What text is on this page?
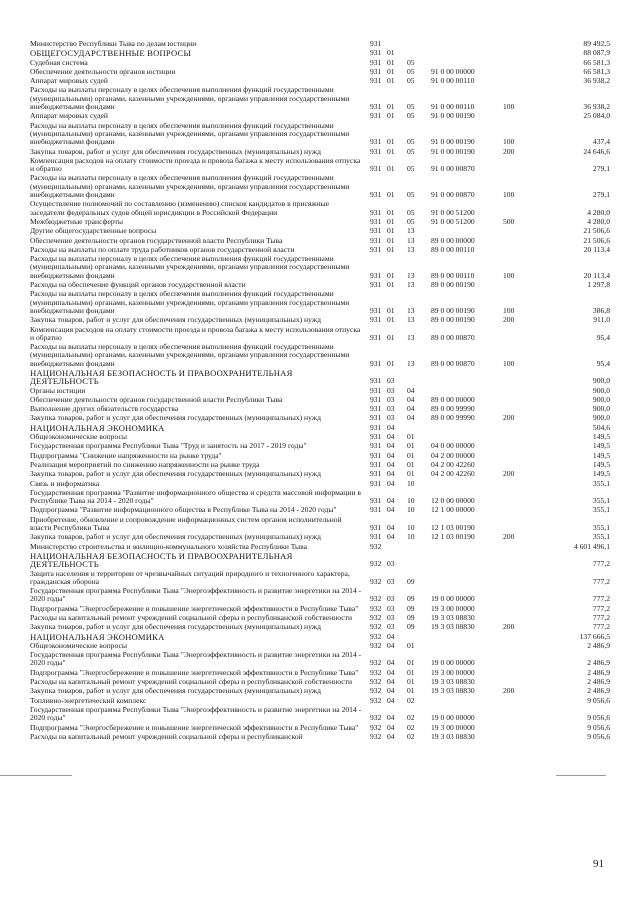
Министерство Республики Тыва по делам юстиции	931					89 492,5
ОБЩЕГОСУДАРСТВЕННЫЕ ВОПРОСЫ	931	01				88 087,9
Судебная система	931	01	05			66 581,3
Обеспечение деятельности органов юстиции	931	01	05	91 0 00 00000		66 581,3
Аппарат мировых судей	931	01	05	91 0 00 00110		36 938,2
Расходы на выплаты персоналу в целях обеспечения выполнения функций государственными (муниципальными) органами, казенными учреждениями, органами управления государственными внебюджетными фондами	931	01	05	91 0 00 00110	100	36 938,2
Аппарат мировых судей	931	01	05	91 0 00 00190		25 084,0
Расходы на выплаты персоналу в целях обеспечения выполнения функций государственными (муниципальными) органами, казенными учреждениями, органами управления государственными внебюджетными фондами	931	01	05	91 0 00 00190	100	437,4
Закупка товаров, работ и услуг для обеспечения государственных (муниципальных) нужд	931	01	05	91 0 00 00190	200	24 646,6
Компенсация расходов на оплату стоимости проезда и провоза багажа к месту использования отпуска и обратно	931	01	05	91 0 00 00870		279,1
Расходы на выплаты персоналу в целях обеспечения выполнения функций государственными (муниципальными) органами, казенными учреждениями, органами управления государственными внебюджетными фондами	931	01	05	91 0 00 00870	100	279,1
Осуществление полномочий по составлению (изменению) списков кандидатов в присяжные заседатели федеральных судов общей юрисдикции в Российской Федерации	931	01	05	91 0 00 51200		4 280,0
Межбюджетные трансферты	931	01	05	91 0 00 51200	500	4 280,0
Другие общегосударственные вопросы	931	01	13			21 506,6
Обеспечение деятельности органов государственной власти Республики Тыва	931	01	13	89 0 00 00000		21 506,6
Расходы на выплаты по оплате труда работников органов государственной власти	931	01	13	89 0 00 00110		20 113,4
Расходы на выплаты персоналу в целях обеспечения выполнения функций государственными (муниципальными) органами, казенными учреждениями, органами управления государственными внебюджетными фондами	931	01	13	89 0 00 00110	100	20 113,4
Расходы на обеспечение функций органов государственной власти	931	01	13	89 0 00 00190		1 297,8
Расходы на выплаты персоналу в целях обеспечения выполнения функций государственными (муниципальными) органами, казенными учреждениями, органами управления государственными внебюджетными фондами	931	01	13	89 0 00 00190	100	386,8
Закупка товаров, работ и услуг для обеспечения государственных (муниципальных) нужд	931	01	13	89 0 00 00190	200	911,0
Компенсация расходов на оплату стоимости проезда и провоза багажа к месту использования отпуска и обратно	931	01	13	89 0 00 00870		95,4
Расходы на выплаты персоналу в целях обеспечения выполнения функций государственными (муниципальными) органами, казенными учреждениями, органами управления государственными внебюджетными фондами	931	01	13	89 0 00 00870	100	95,4
НАЦИОНАЛЬНАЯ БЕЗОПАСНОСТЬ И ПРАВООХРАНИТЕЛЬНАЯ ДЕЯТЕЛЬНОСТЬ	931	03				900,0
Органы юстиции	931	03	04			900,0
Обеспечение деятельности органов государственной власти Республики Тыва	931	03	04	89 0 00 00000		900,0
Выполнение других обязательств государства	931	03	04	89 0 00 99990		900,0
Закупка товаров, работ и услуг для обеспечения государственных (муниципальных) нужд	931	03	04	89 0 00 99990	200	900,0
НАЦИОНАЛЬНАЯ ЭКОНОМИКА	931	04				504,6
Общеэкономические вопросы	931	04	01			149,5
Государственная программа Республики Тыва "Труд и занятость на 2017 - 2019 годы"	931	04	01	04 0 00 00000		149,5
Подпрограмма "Снижение напряженности на рынке труда"	931	04	01	04 2 00 00000		149,5
Реализация мероприятий по снижению напряженности на рынке труда	931	04	01	04 2 00 42260		149,5
Закупка товаров, работ и услуг для обеспечения государственных (муниципальных) нужд	931	04	01	04 2 00 42260	200	149,5
Связь и информатика	931	04	10			355,1
Государственная программа "Развитие информационного общества и средств массовой информации в Республике Тыва на 2014 - 2020 годы"	931	04	10	12 0 00 00000		355,1
Подпрограмма "Развитие информационного общества в Республике Тыва на 2014 - 2020 годы"	931	04	10	12 1 00 00000		355,1
Приобретение, обновление и сопровождение информационных систем органов исполнительной власти Республики Тыва	931	04	10	12 1 03 00190		355,1
Закупка товаров, работ и услуг для обеспечения государственных (муниципальных) нужд	931	04	10	12 1 03 00190	200	355,1
Министерство строительства и жилищно-коммунального хозяйства Республики Тыва	932					4 601 496,1
НАЦИОНАЛЬНАЯ БЕЗОПАСНОСТЬ И ПРАВООХРАНИТЕЛЬНАЯ ДЕЯТЕЛЬНОСТЬ	932	03				777,2
Защита населения и территории от чрезвычайных ситуаций природного и техногенного характера, гражданская оборона	932	03	09			777,2
Государственная программа Республики Тыва "Энергоэффективность и развитие энергетики на 2014 - 2020 годы"	932	03	09	19 0 00 00000		777,2
Подпрограмма "Энергосбережение и повышение энергетической эффективности в Республике Тыва"	932	03	09	19 3 00 00000		777,2
Расходы на капитальный ремонт учреждений социальной сферы и республиканской собственности	932	03	09	19 3 03 08830		777,2
Закупка товаров, работ и услуг для обеспечения государственных (муниципальных) нужд	932	03	09	19 3 03 08830	200	777,2
НАЦИОНАЛЬНАЯ ЭКОНОМИКА	932	04				137 666,5
Общеэкономические вопросы	932	04	01			2 486,9
Государственная программа Республики Тыва "Энергоэффективность и развитие энергетики на 2014 - 2020 годы"	932	04	01	19 0 00 00000		2 486,9
Подпрограмма "Энергосбережение и повышение энергетической эффективности в Республике Тыва"	932	04	01	19 3 00 00000		2 486,9
Расходы на капитальный ремонт учреждений социальной сферы и республиканской собственности	932	04	01	19 3 03 08830		2 486,9
Закупка товаров, работ и услуг для обеспечения государственных (муниципальных) нужд	932	04	01	19 3 03 08830	200	2 486,9
Топливно-энергетический комплекс	932	04	02			9 056,6
Государственная программа Республики Тыва "Энергоэффективность и развитие энергетики на 2014 - 2020 годы"	932	04	02	19 0 00 00000		9 056,6
Подпрограмма "Энергосбережение и повышение энергетической эффективности в Республике Тыва"	932	04	02	19 3 00 00000		9 056,6
Расходы на капитальный ремонт учреждений социальной сферы и республиканской	932	04	02	19 3 03 08830		9 056,6
91
